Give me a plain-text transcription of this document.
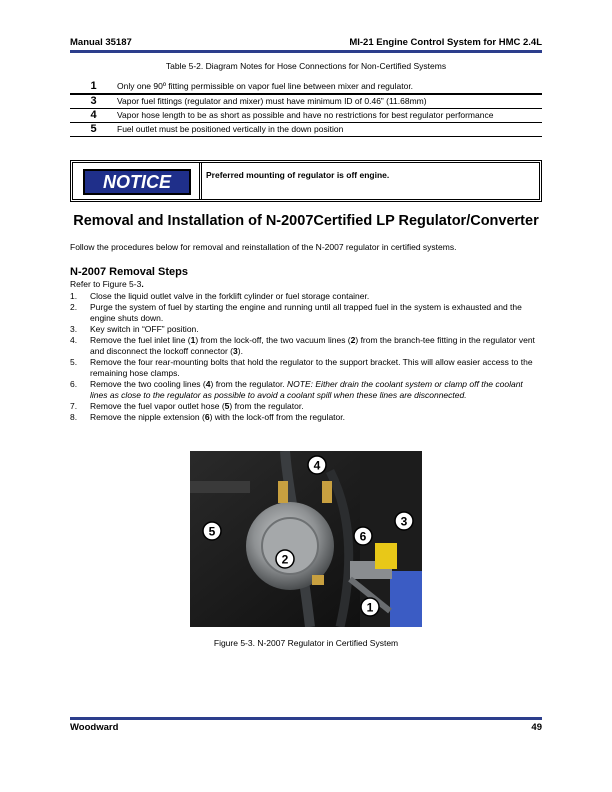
Manual 35187	MI-21 Engine Control System for HMC 2.4L
Table 5-2. Diagram Notes for Hose Connections for Non-Certified Systems
1	Only one 90º fitting permissible on vapor fuel line between mixer and regulator.
3	Vapor fuel fittings (regulator and mixer) must have minimum ID of 0.46” (11.68mm)
4	Vapor hose length to be as short as possible and have no restrictions for best regulator performance
5	Fuel outlet must be positioned vertically in the down position
NOTICE	Preferred mounting of regulator is off engine.
Removal and Installation of N-2007Certified LP Regulator/Converter
Follow the procedures below for removal and reinstallation of the N-2007 regulator in certified systems.
N-2007 Removal Steps
Refer to Figure 5-3.
1.	Close the liquid outlet valve in the forklift cylinder or fuel storage container.
2.	Purge the system of fuel by starting the engine and running until all trapped fuel in the system is exhausted and the engine shuts down.
3.	Key switch in “OFF” position.
4.	Remove the fuel inlet line (1) from the lock-off, the two vacuum lines (2) from the branch-tee fitting in the regulator vent and disconnect the lockoff connector (3).
5.	Remove the four rear-mounting bolts that hold the regulator to the support bracket. This will allow easier access to the remaining hose clamps.
6.	Remove the two cooling lines (4) from the regulator. NOTE: Either drain the coolant system or clamp off the coolant lines as close to the regulator as possible to avoid a coolant spill when these lines are disconnected.
7.	Remove the fuel vapor outlet hose (5) from the regulator.
8.	Remove the nipple extension (6) with the lock-off from the regulator.
4
5
2
6
3
1
Figure 5-3. N-2007 Regulator in Certified System
Woodward	49
